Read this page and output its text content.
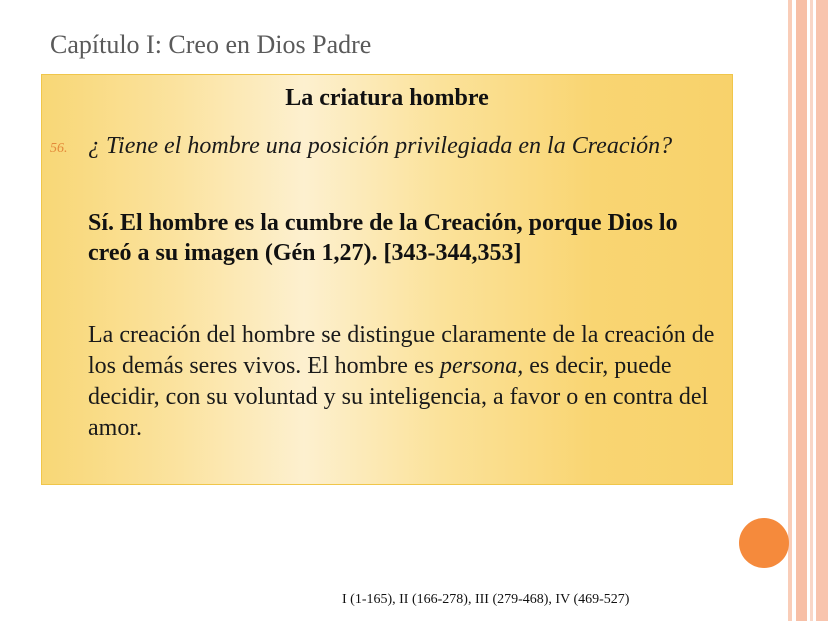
Capítulo I: Creo en Dios Padre
La criatura hombre
56. ¿ Tiene el hombre una posición privilegiada en la Creación?
Sí. El hombre es la cumbre de la Creación, porque Dios lo creó a su imagen (Gén 1,27). [343-344,353]
La creación del hombre se distingue claramente de la creación de los demás seres vivos. El hombre es persona, es decir, puede decidir, con su voluntad y su inteligencia, a favor o en contra del amor.
I (1-165), II (166-278), III (279-468), IV (469-527)
